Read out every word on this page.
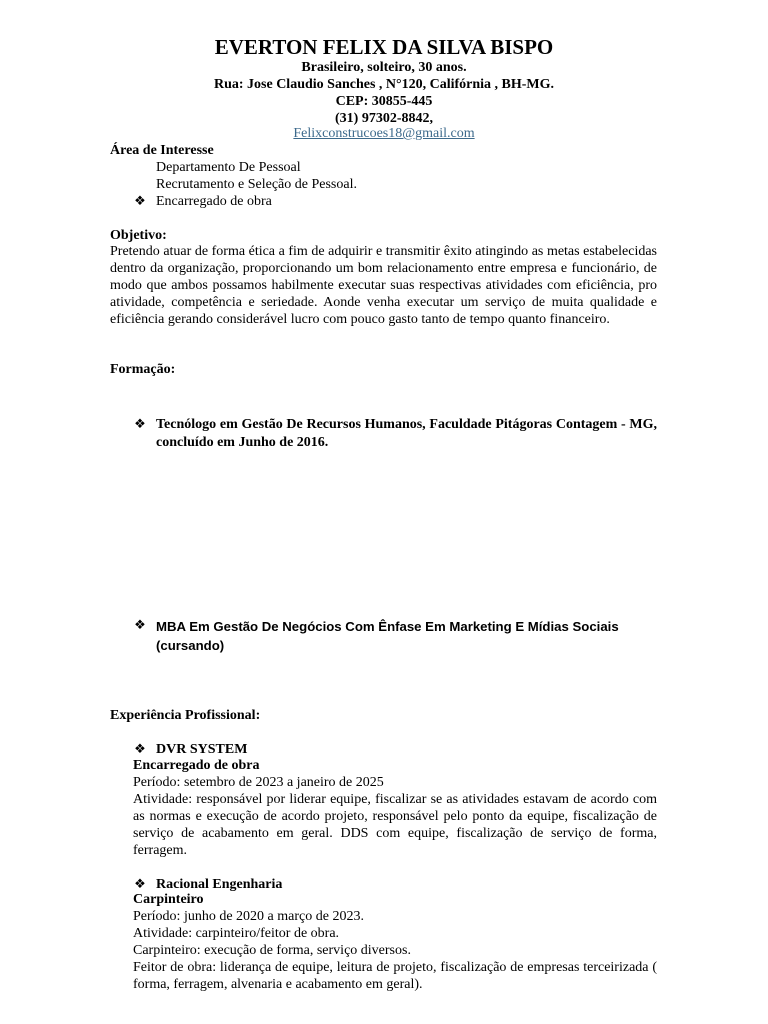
EVERTON FELIX DA SILVA BISPO
Brasileiro, solteiro, 30 anos.
Rua: Jose Claudio Sanches , N°120, Califórnia , BH-MG.
CEP: 30855-445
(31) 97302-8842,
Felixconstrucoes18@gmail.com
Área de Interesse
Departamento De Pessoal
Recrutamento e Seleção de Pessoal.
❖ Encarregado de obra
Objetivo:
Pretendo atuar de forma ética a fim de adquirir e transmitir êxito atingindo as metas estabelecidas dentro da organização, proporcionando um bom relacionamento entre empresa e funcionário, de modo que ambos possamos habilmente executar suas respectivas atividades com eficiência, pro atividade, competência e seriedade. Aonde venha executar um serviço de muita qualidade e eficiência gerando considerável lucro com pouco gasto tanto de tempo quanto financeiro.
Formação:
❖ Tecnólogo em Gestão De Recursos Humanos, Faculdade Pitágoras Contagem - MG, concluído em Junho de 2016.
❖ MBA Em Gestão De Negócios Com Ênfase Em Marketing E Mídias Sociais (cursando)
Experiência Profissional:
❖ DVR SYSTEM
Encarregado de obra
Período: setembro de 2023 a janeiro de 2025
Atividade: responsável por liderar equipe, fiscalizar se as atividades estavam de acordo com as normas e execução de acordo projeto, responsável pelo ponto da equipe, fiscalização de serviço de acabamento em geral. DDS com equipe, fiscalização de serviço de forma, ferragem.
❖ Racional Engenharia
Carpinteiro
Período: junho de 2020 a março de 2023.
Atividade: carpinteiro/feitor de obra.
Carpinteiro: execução de forma, serviço diversos.
Feitor de obra: liderança de equipe, leitura de projeto, fiscalização de empresas terceirizada ( forma, ferragem, alvenaria e acabamento em geral).
